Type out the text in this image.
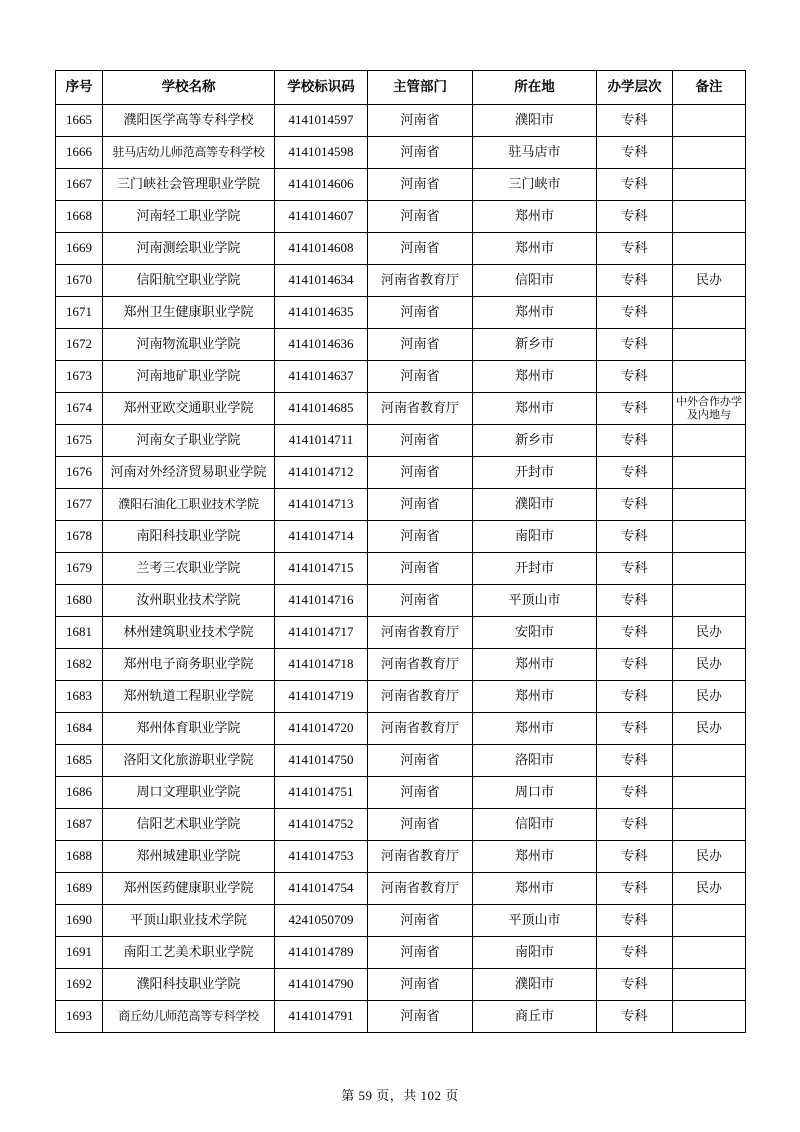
序号	学校名称	学校标识码	主管部门	所在地	办学层次	备注
1665	濮阳医学高等专科学校	4141014597	河南省	濮阳市	专科	
1666	驻马店幼儿师范高等专科学校	4141014598	河南省	驻马店市	专科	
1667	三门峡社会管理职业学院	4141014606	河南省	三门峡市	专科	
1668	河南轻工职业学院	4141014607	河南省	郑州市	专科	
1669	河南测绘职业学院	4141014608	河南省	郑州市	专科	
1670	信阳航空职业学院	4141014634	河南省教育厅	信阳市	专科	民办
1671	郑州卫生健康职业学院	4141014635	河南省	郑州市	专科	
1672	河南物流职业学院	4141014636	河南省	新乡市	专科	
1673	河南地矿职业学院	4141014637	河南省	郑州市	专科	
1674	郑州亚欧交通职业学院	4141014685	河南省教育厅	郑州市	专科	中外合作办学及内地与
1675	河南女子职业学院	4141014711	河南省	新乡市	专科	
1676	河南对外经济贸易职业学院	4141014712	河南省	开封市	专科	
1677	濮阳石油化工职业技术学院	4141014713	河南省	濮阳市	专科	
1678	南阳科技职业学院	4141014714	河南省	南阳市	专科	
1679	兰考三农职业学院	4141014715	河南省	开封市	专科	
1680	汝州职业技术学院	4141014716	河南省	平顶山市	专科	
1681	林州建筑职业技术学院	4141014717	河南省教育厅	安阳市	专科	民办
1682	郑州电子商务职业学院	4141014718	河南省教育厅	郑州市	专科	民办
1683	郑州轨道工程职业学院	4141014719	河南省教育厅	郑州市	专科	民办
1684	郑州体育职业学院	4141014720	河南省教育厅	郑州市	专科	民办
1685	洛阳文化旅游职业学院	4141014750	河南省	洛阳市	专科	
1686	周口文理职业学院	4141014751	河南省	周口市	专科	
1687	信阳艺术职业学院	4141014752	河南省	信阳市	专科	
1688	郑州城建职业学院	4141014753	河南省教育厅	郑州市	专科	民办
1689	郑州医药健康职业学院	4141014754	河南省教育厅	郑州市	专科	民办
1690	平顶山职业技术学院	4241050709	河南省	平顶山市	专科	
1691	南阳工艺美术职业学院	4141014789	河南省	南阳市	专科	
1692	濮阳科技职业学院	4141014790	河南省	濮阳市	专科	
1693	商丘幼儿师范高等专科学校	4141014791	河南省	商丘市	专科	
第 59 页，共 102 页
